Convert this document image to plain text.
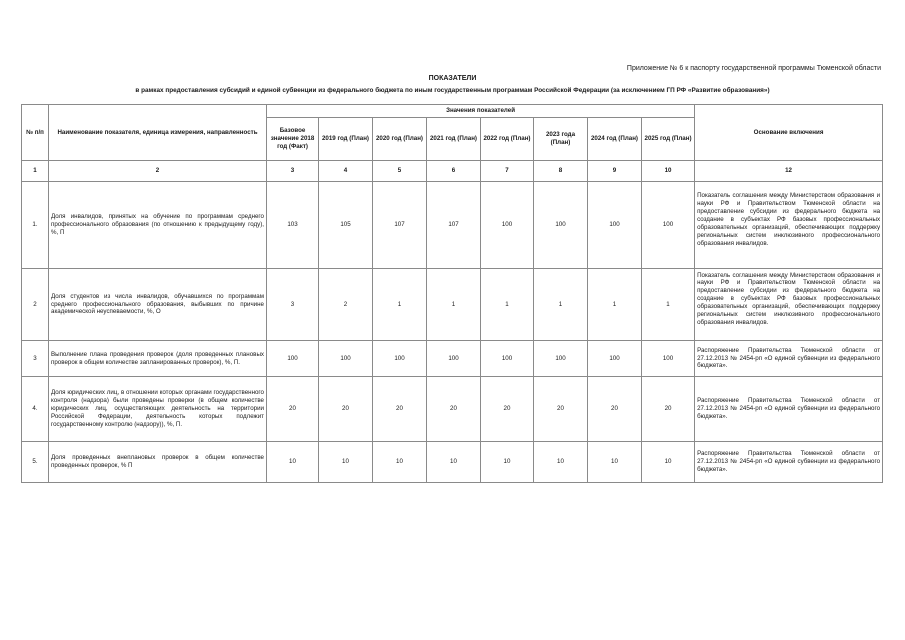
Приложение № 6 к паспорту государственной программы Тюменской области
ПОКАЗАТЕЛИ
в рамках предоставления субсидий и единой субвенции из федерального бюджета по иным государственным программам Российской Федерации (за исключением ГП РФ «Развитие образования»)
№ п/п	Наименование показателя, единица измерения, направленность	Значения показателей								Основание включения
		Базовое значение 2018 год (Факт)	2019 год (План)	2020 год (План)	2021 год (План)	2022 год (План)	2023 года (План)	2024 год (План)	2025 год (План)	
1	2	3	4	5	6	7	8	9	10	12
1.	Доля инвалидов, принятых на обучение по программам среднего профессионального образования (по отношению к предыдущему году), %, П	103	105	107	107	100	100	100	100	Показатель соглашения между Министерством образования и науки РФ и Правительством Тюменской области на предоставление субсидии из федерального бюджета на создание в субъектах РФ базовых профессиональных образовательных организаций, обеспечивающих поддержку региональных систем инклюзивного профессионального образования инвалидов.

2	Доля студентов из числа инвалидов, обучавшихся по программам среднего профессионального образования, выбывших по причине академической неуспеваемости, %, О	3	2	1	1	1	1	1	1	Показатель соглашения между Министерством образования и науки РФ и Правительством Тюменской области на предоставление субсидии из федерального бюджета на создание в субъектах РФ базовых профессиональных образовательных организаций, обеспечивающих поддержку региональных систем инклюзивного профессионального образования инвалидов.

3	Выполнение плана проведения проверок (доля проведенных плановых проверок в общем количестве запланированных проверок), %, П.	100	100	100	100	100	100	100	100	Распоряжение Правительства Тюменской области от 27.12.2013 № 2454-рп «О единой субвенции из федерального бюджета».
4.	Доля юридических лиц, в отношении которых органами государственного контроля (надзора) были проведены проверки (в общем количестве юридических лиц, осуществляющих деятельность на территории Российской Федерации, деятельность которых подлежит государственному контролю (надзору)), %, П.	20	20	20	20	20	20	20	20	Распоряжение Правительства Тюменской области от 27.12.2013 № 2454-рп «О единой субвенции из федерального бюджета».
5.	Доля проведенных внеплановых проверок в общем количестве проведенных проверок, % П	10	10	10	10	10	10	10	10	Распоряжение Правительства Тюменской области от 27.12.2013 № 2454-рп «О единой субвенции из федерального бюджета».
